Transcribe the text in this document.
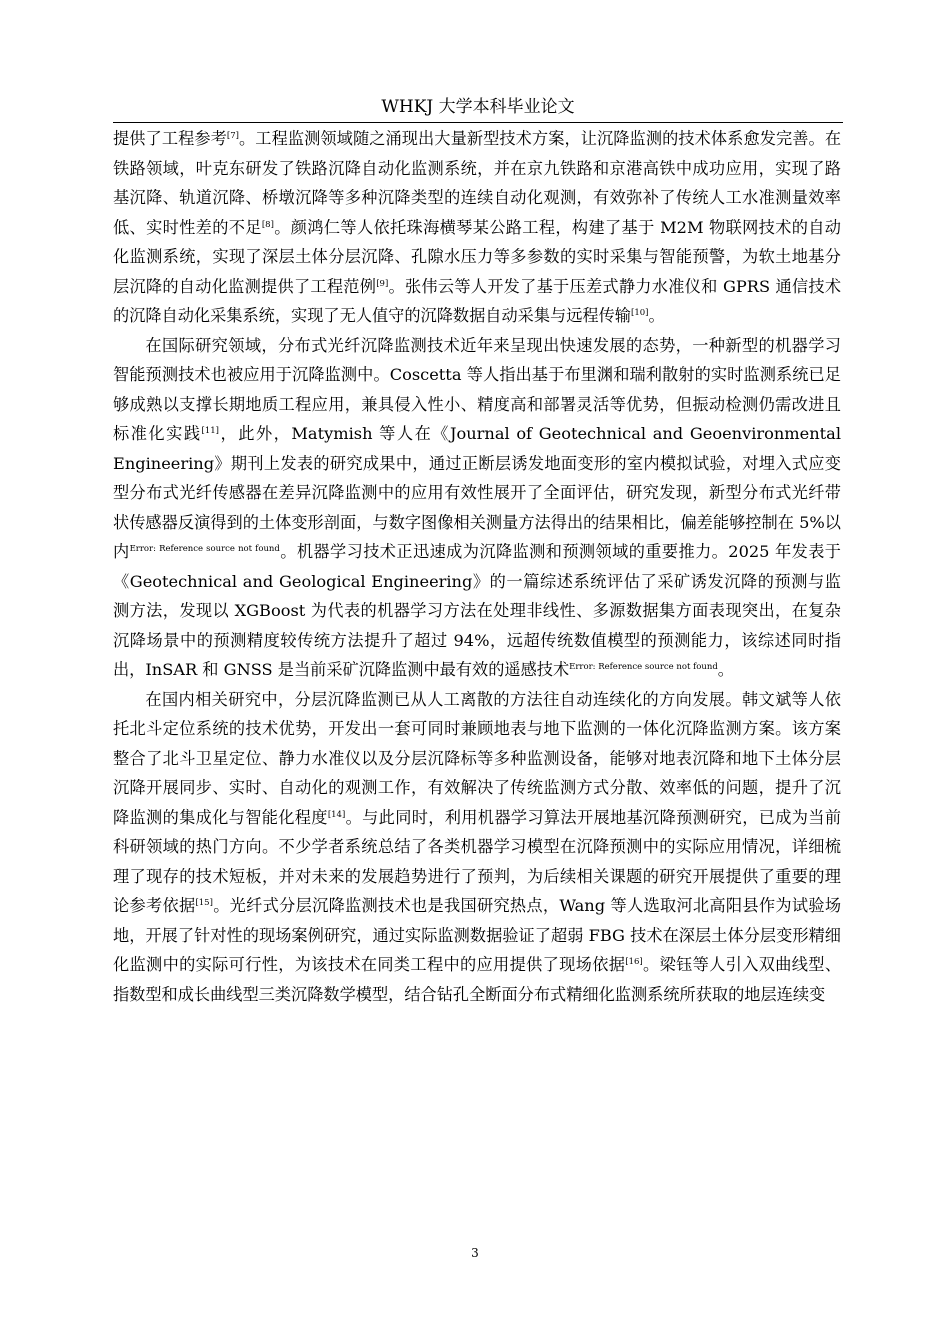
WHKJ 大学本科毕业论文

提供了工程参考[7]。工程监测领域随之涌现出大量新型技术方案，让沉降监测的技术体系愈发完善。在铁路领域，叶克东研发了铁路沉降自动化监测系统，并在京九铁路和京港高铁中成功应用，实现了路基沉降、轨道沉降、桥墩沉降等多种沉降类型的连续自动化观测，有效弥补了传统人工水准测量效率低、实时性差的不足[8]。颜鸿仁等人依托珠海横琴某公路工程，构建了基于 M2M 物联网技术的自动化监测系统，实现了深层土体分层沉降、孔隙水压力等多参数的实时采集与智能预警，为软土地基分层沉降的自动化监测提供了工程范例[9]。张伟云等人开发了基于压差式静力水准仪和 GPRS 通信技术的沉降自动化采集系统，实现了无人值守的沉降数据自动采集与远程传输[10]。

在国际研究领域，分布式光纤沉降监测技术近年来呈现出快速发展的态势，一种新型的机器学习智能预测技术也被应用于沉降监测中。Coscetta 等人指出基于布里渊和瑞利散射的实时监测系统已足够成熟以支撑长期地质工程应用，兼具侵入性小、精度高和部署灵活等优势，但振动检测仍需改进且标准化实践[11]，此外，Matymish 等人在《Journal of Geotechnical and Geoenvironmental Engineering》期刊上发表的研究成果中，通过正断层诱发地面变形的室内模拟试验，对埋入式应变型分布式光纤传感器在差异沉降监测中的应用有效性展开了全面评估，研究发现，新型分布式光纤带状传感器反演得到的土体变形剖面，与数字图像相关测量方法得出的结果相比，偏差能够控制在 5%以内$^{Error: Reference source not found}$。机器学习技术正迅速成为沉降监测和预测领域的重要推力。2025 年发表于《Geotechnical and Geological Engineering》的一篇综述系统评估了采矿诱发沉降的预测与监测方法，发现以 XGBoost 为代表的机器学习方法在处理非线性、多源数据集方面表现突出，在复杂沉降场景中的预测精度较传统方法提升了超过 94%，远超传统数值模型的预测能力，该综述同时指出，InSAR 和 GNSS 是当前采矿沉降监测中最有效的遥感技术$^{Error: Reference source not found}$。

在国内相关研究中，分层沉降监测已从人工离散的方法往自动连续化的方向发展。韩文斌等人依托北斗定位系统的技术优势，开发出一套可同时兼顾地表与地下监测的一体化沉降监测方案。该方案整合了北斗卫星定位、静力水准仪以及分层沉降标等多种监测设备，能够对地表沉降和地下土体分层沉降开展同步、实时、自动化的观测工作，有效解决了传统监测方式分散、效率低的问题，提升了沉降监测的集成化与智能化程度[14]。与此同时，利用机器学习算法开展地基沉降预测研究，已成为当前科研领域的热门方向。不少学者系统总结了各类机器学习模型在沉降预测中的实际应用情况，详细梳理了现存的技术短板，并对未来的发展趋势进行了预判，为后续相关课题的研究开展提供了重要的理论参考依据[15]。光纤式分层沉降监测技术也是我国研究热点，Wang 等人选取河北高阳县作为试验场地，开展了针对性的现场案例研究，通过实际监测数据验证了超弱 FBG 技术在深层土体分层变形精细化监测中的实际可行性，为该技术在同类工程中的应用提供了现场依据[16]。梁钰等人引入双曲线型、指数型和成长曲线型三类沉降数学模型，结合钻孔全断面分布式精细化监测系统所获取的地层连续变

3
